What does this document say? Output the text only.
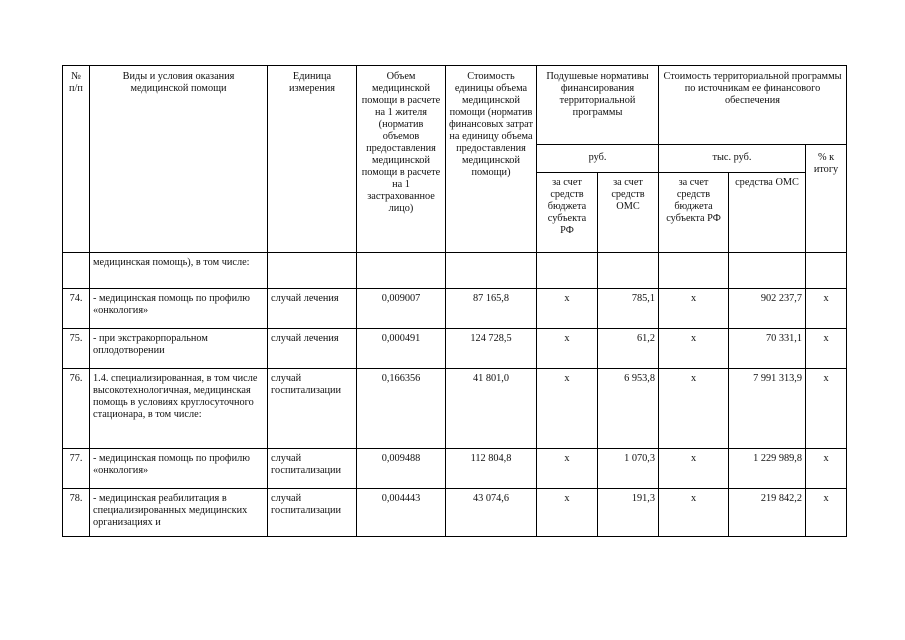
№ п/п	Виды и условия оказания медицинской помощи	Единица измерения	Объем медицинской помощи в расчете на 1 жителя (норматив объемов предоставления медицинской помощи в расчете на 1 застрахованное лицо)	Стоимость единицы объема медицинской помощи (норматив финансовых затрат на единицу объема предоставления медицинской помощи)	Подушевые нормативы финансирования территориальной программы		Стоимость территориальной программы по источникам ее финансового обеспечения		
					руб.		тыс. руб.		% к итогу
					за счет средств бюджета субъекта РФ	за счет средств ОМС	за счет средств бюджета субъекта РФ	средства ОМС	
	медицинская помощь), в том числе:								
74.	- медицинская помощь по профилю «онкология»	случай лечения	0,009007	87 165,8	х	785,1	х	902 237,7	х
75.	- при экстракорпоральном оплодотворении	случай лечения	0,000491	124 728,5	х	61,2	х	70 331,1	х
76.	1.4. специализированная, в том числе высокотехнологичная, медицинская помощь в условиях круглосуточного стационара, в том числе:	случай госпитализации	0,166356	41 801,0	х	6 953,8	х	7 991 313,9	х
77.	- медицинская помощь по профилю «онкология»	случай госпитализации	0,009488	112 804,8	х	1 070,3	х	1 229 989,8	х
78.	- медицинская реабилитация в специализированных медицинских организациях и	случай госпитализации	0,004443	43 074,6	х	191,3	х	219 842,2	х
